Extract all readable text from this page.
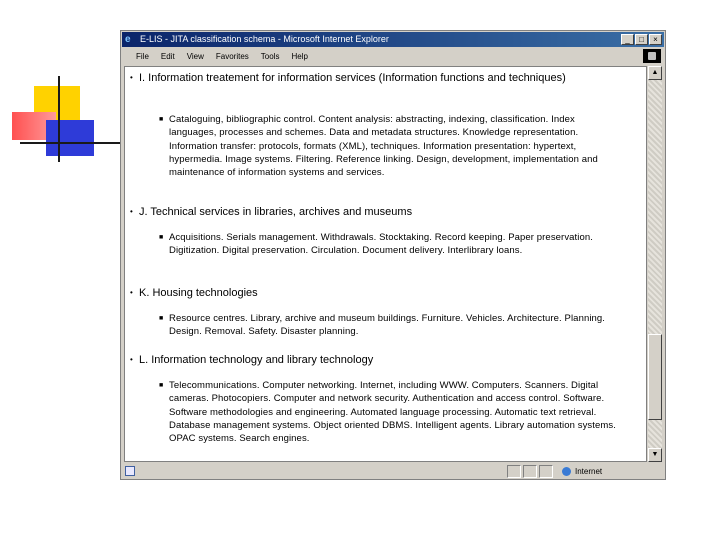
e	E-LIS - JITA classification schema - Microsoft Internet Explorer	_	□	×
File Edit View Favorites Tools Help
• I. Information treatement for information services (Information functions and techniques)
■ Cataloguing, bibliographic control. Content analysis: abstracting, indexing, classification. Index languages, processes and schemes. Data and metadata structures. Knowledge representation. Information transfer: protocols, formats (XML), techniques. Information presentation: hypertext, hypermedia. Image systems. Filtering. Reference linking. Design, development, implementation and maintenance of information systems and services.
• J. Technical services in libraries, archives and museums
■ Acquisitions. Serials management. Withdrawals. Stocktaking. Record keeping. Paper preservation. Digitization. Digital preservation. Circulation. Document delivery. Interlibrary loans.
• K. Housing technologies
■ Resource centres. Library, archive and museum buildings. Furniture. Vehicles. Architecture. Planning. Design. Removal. Safety. Disaster planning.
• L. Information technology and library technology
■ Telecommunications. Computer networking. Internet, including WWW. Computers. Scanners. Digital cameras. Photocopiers. Computer and network security. Authentication and access control. Software. Software methodologies and engineering. Automated language processing. Automatic text retrieval. Database management systems. Object oriented DBMS. Intelligent agents. Library automation systems. OPAC systems. Search engines.
▲
▼
Internet
